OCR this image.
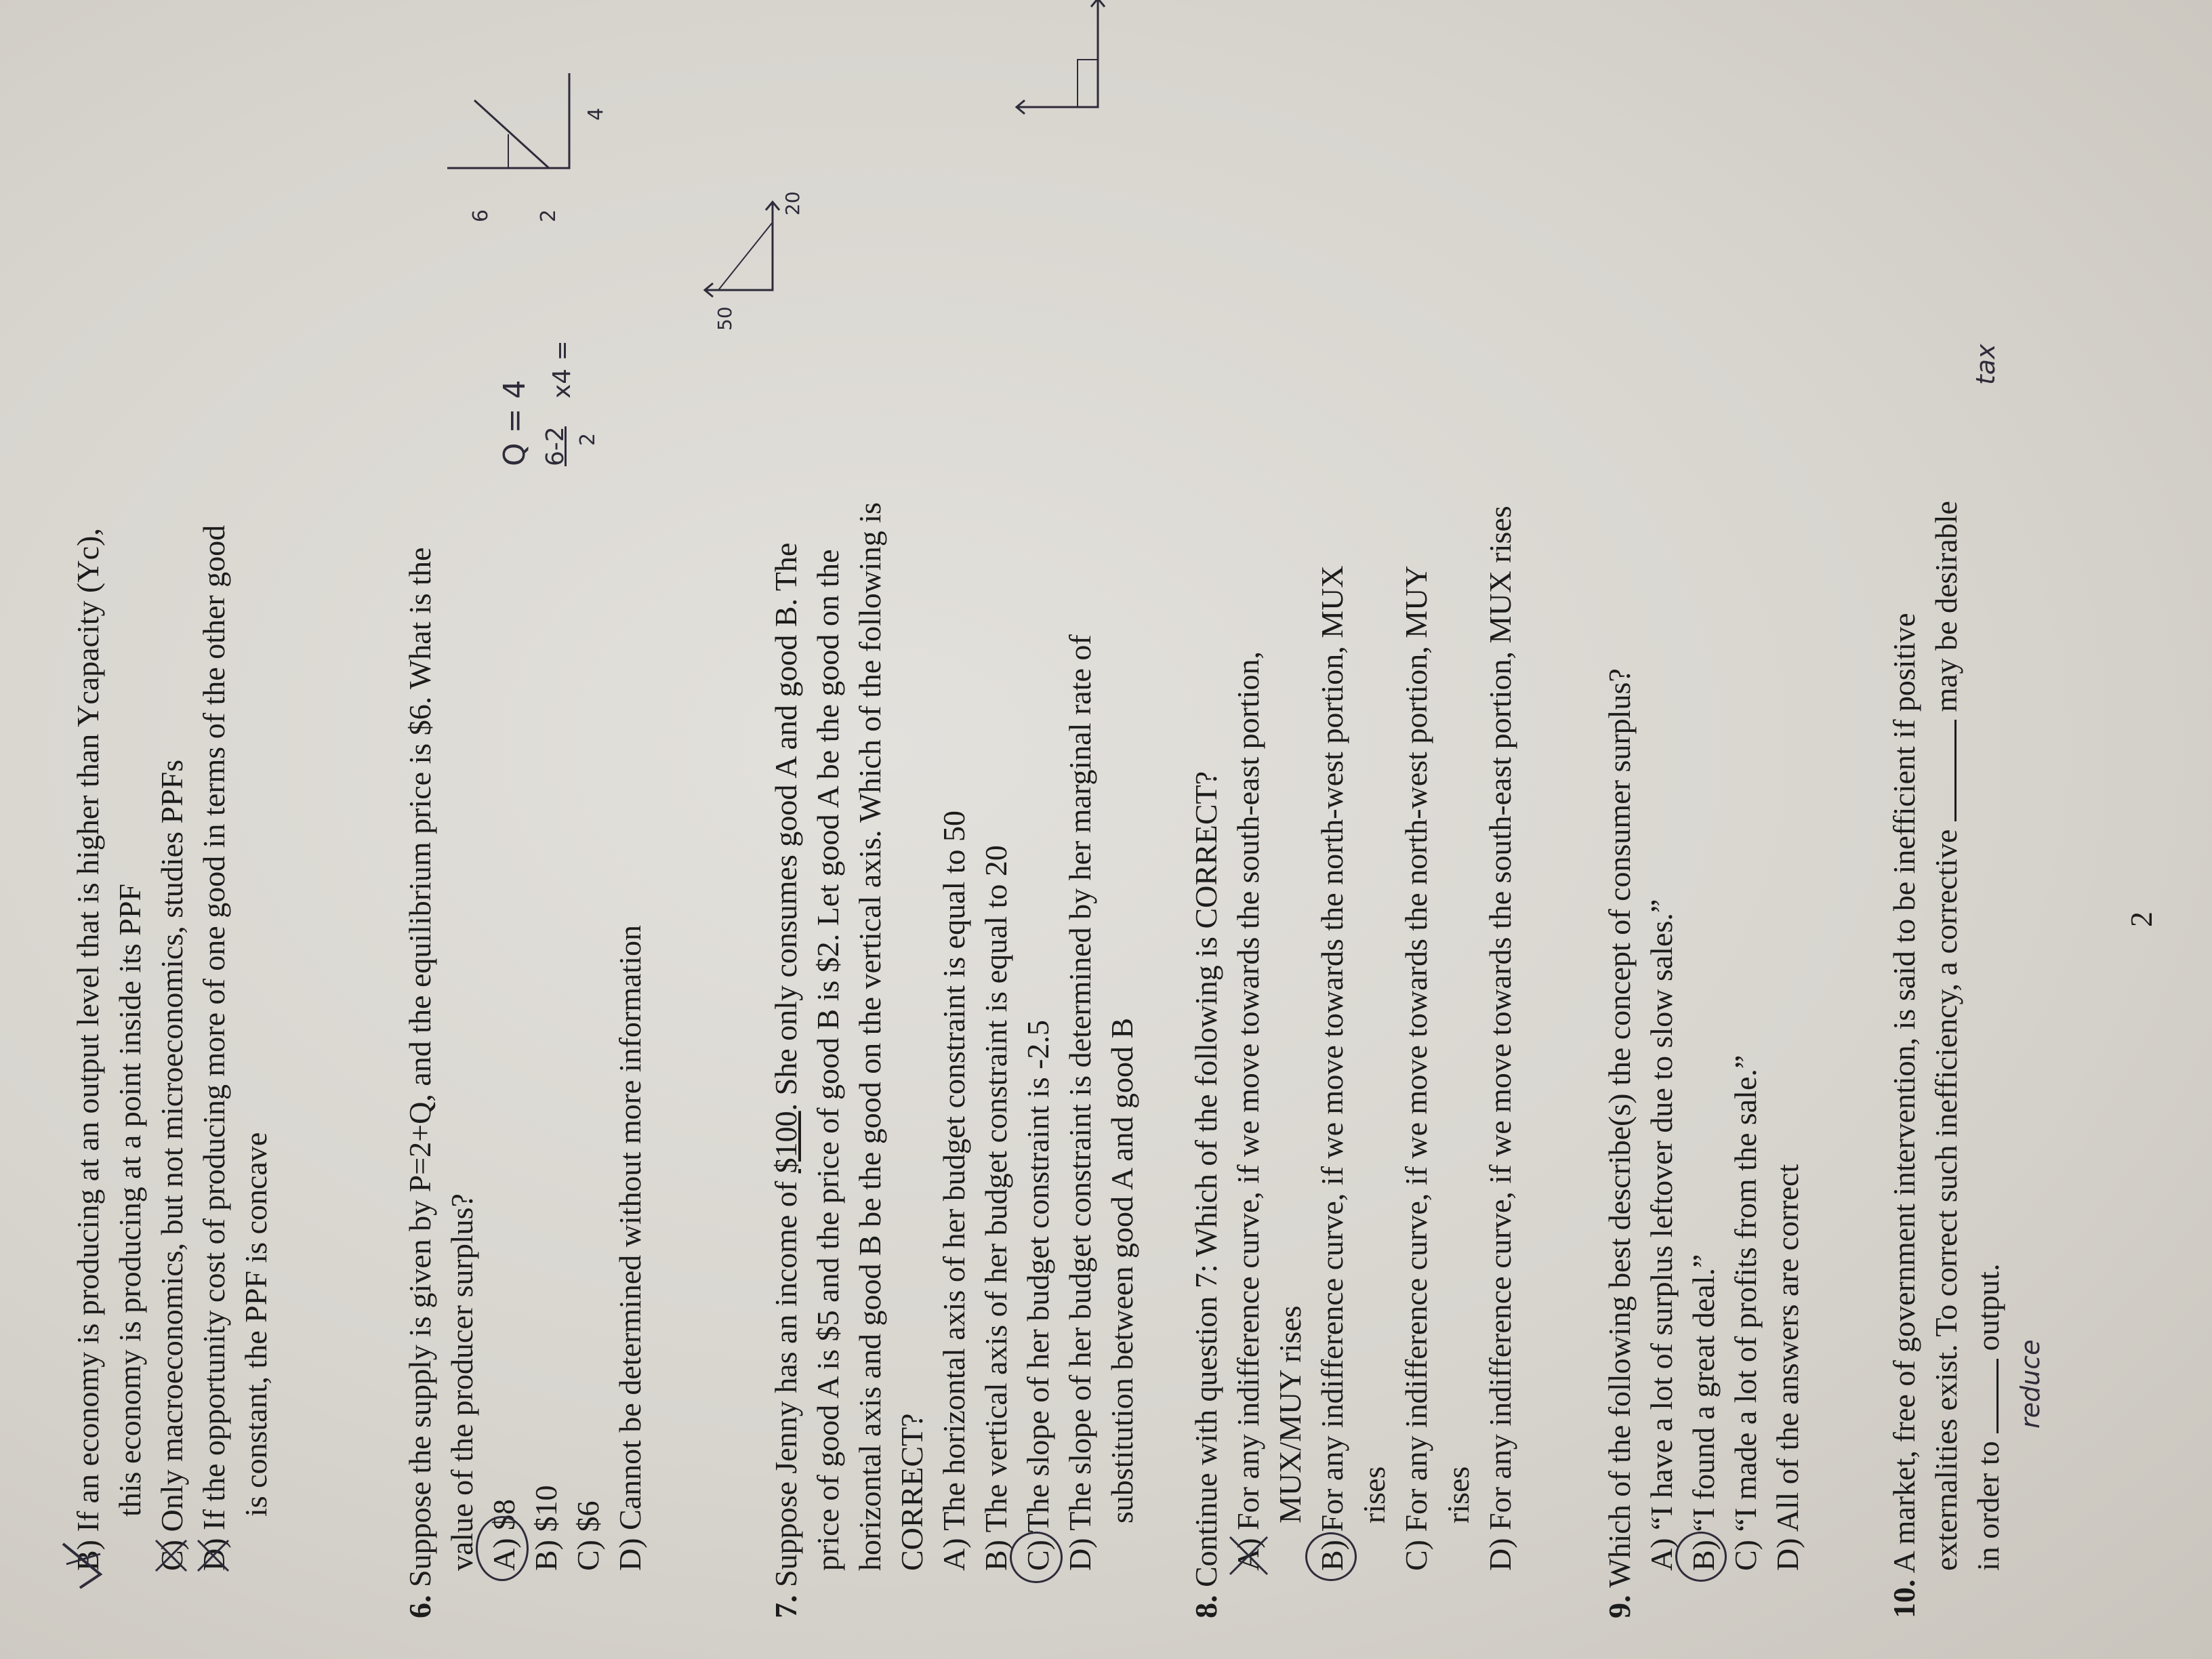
B) If an economy is producing at an output level that is higher than Ycapacity (Yc), this economy is producing at a point inside its PPF
C) Only macroeconomics, but not microeconomics, studies PPFs
D) If the opportunity cost of producing more of one good in terms of the other good is constant, the PPF is concave
6. Suppose the supply is given by P=2+Q, and the equilibrium price is $6. What is the value of the producer surplus? A) $8
B) $10
C) $6
D) Cannot be determined without more information
Q = 4 6-2 2
x4 =
6	2
4
7. Suppose Jenny has an income of $100. She only consumes good A and good B. The price of good A is $5 and the price of good B is $2. Let good A be the good on the horizontal axis and good B be the good on the vertical axis. Which of the following is CORRECT? A) The horizontal axis of her budget constraint is equal to 50
B) The vertical axis of her budget constraint is equal to 20
C) The slope of her budget constraint is -2.5
D) The slope of her budget constraint is determined by her marginal rate of substitution between good A and good B
50
20
8. Continue with question 7: Which of the following is CORRECT? A) For any indifference curve, if we move towards the south-east portion, MUX/MUY rises
B) For any indifference curve, if we move towards the north-west portion, MUX rises
C) For any indifference curve, if we move towards the north-west portion, MUY rises
D) For any indifference curve, if we move towards the south-east portion, MUX rises
9. Which of the following best describe(s) the concept of consumer surplus? A) “I have a lot of surplus leftover due to slow sales.”
B) “I found a great deal.”
C) “I made a lot of profits from the sale.”
D) All of the answers are correct
10. A market, free of government intervention, is said to be inefficient if positive externalities exist. To correct such inefficiency, a corrective  may be desirable
in order to  output.
tax
reduce
2
